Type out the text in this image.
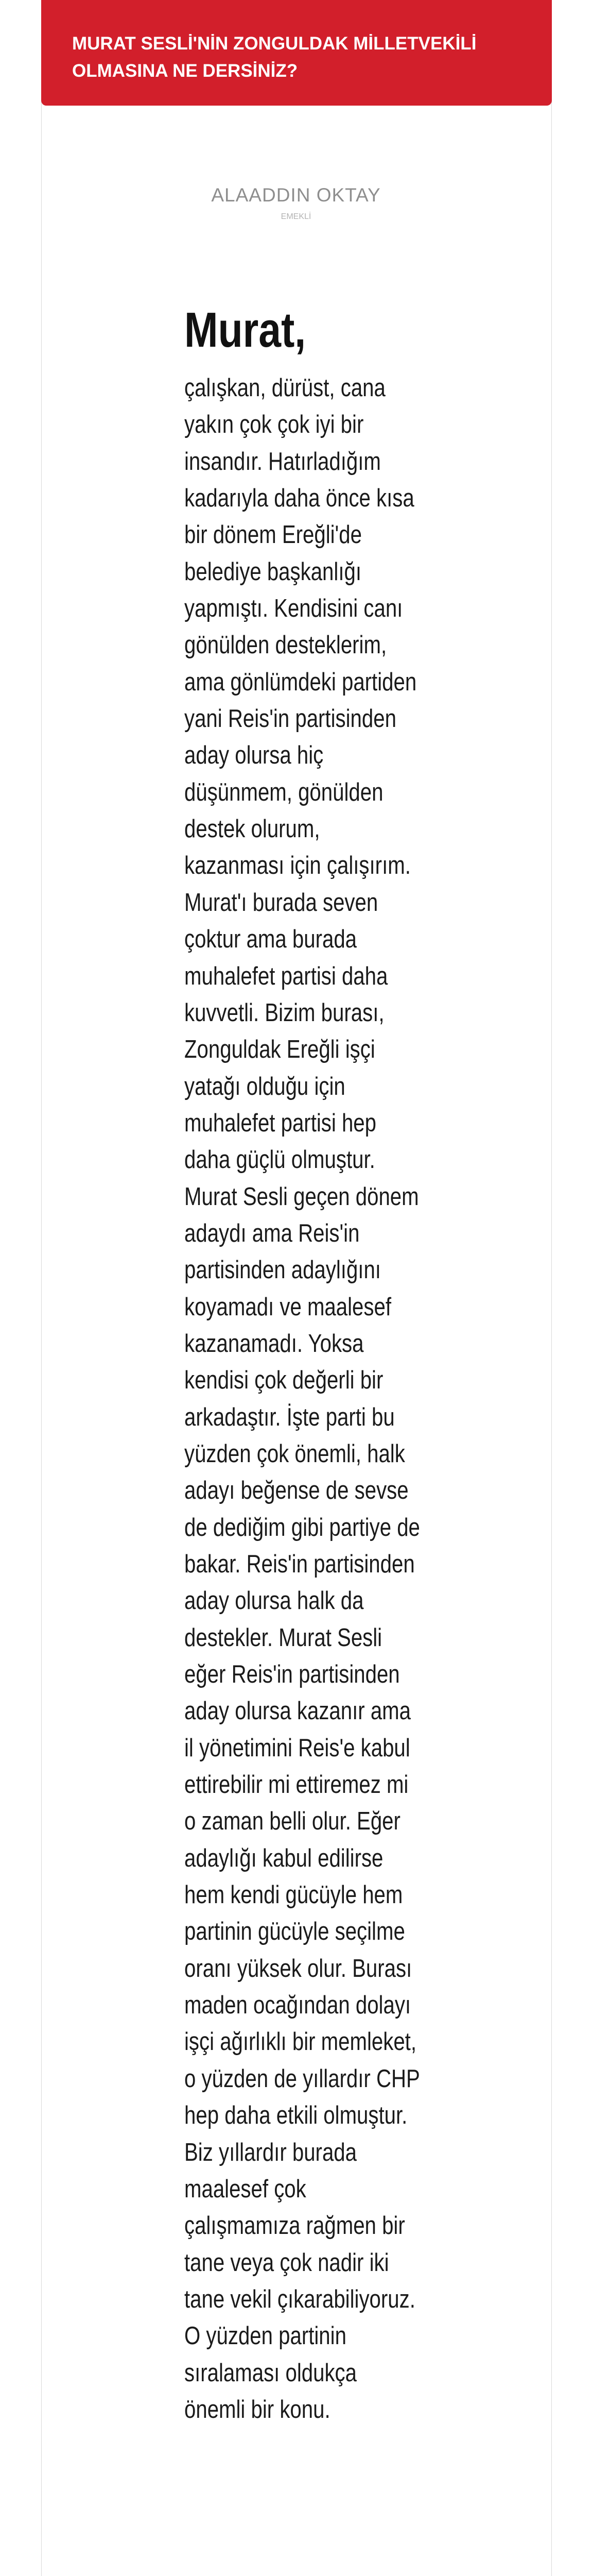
MURAT SESLİ'NİN ZONGULDAK MİLLETVEKİLİ OLMASINA NE DERSİNİZ?

ALAADDIN OKTAY

EMEKLİ

Murat,

çalışkan, dürüst, cana yakın çok çok iyi bir insandır. Hatırladığım kadarıyla daha önce kısa bir dönem Ereğli'de belediye başkanlığı yapmıştı. Kendisini canı gönülden desteklerim, ama gönlümdeki partiden yani Reis'in partisinden aday olursa hiç düşünmem, gönülden destek olurum, kazanması için çalışırım. Murat'ı burada seven çoktur ama burada muhalefet partisi daha kuvvetli. Bizim burası, Zonguldak Ereğli işçi yatağı olduğu için muhalefet partisi hep daha güçlü olmuştur. Murat Sesli geçen dönem adaydı ama Reis'in partisinden adaylığını koyamadı ve maalesef kazanamadı. Yoksa kendisi çok değerli bir arkadaştır. İşte parti bu yüzden çok önemli, halk adayı beğense de sevse de dediğim gibi partiye de bakar. Reis'in partisinden aday olursa halk da destekler. Murat Sesli eğer Reis'in partisinden aday olursa kazanır ama il yönetimini Reis'e kabul ettirebilir mi ettiremez mi o zaman belli olur. Eğer adaylığı kabul edilirse hem kendi gücüyle hem partinin gücüyle seçilme oranı yüksek olur. Burası maden ocağından dolayı işçi ağırlıklı bir memleket, o yüzden de yıllardır CHP hep daha etkili olmuştur. Biz yıllardır burada maalesef çok çalışmamıza rağmen bir tane veya çok nadir iki tane vekil çıkarabiliyoruz. O yüzden partinin sıralaması oldukça önemli bir konu.
